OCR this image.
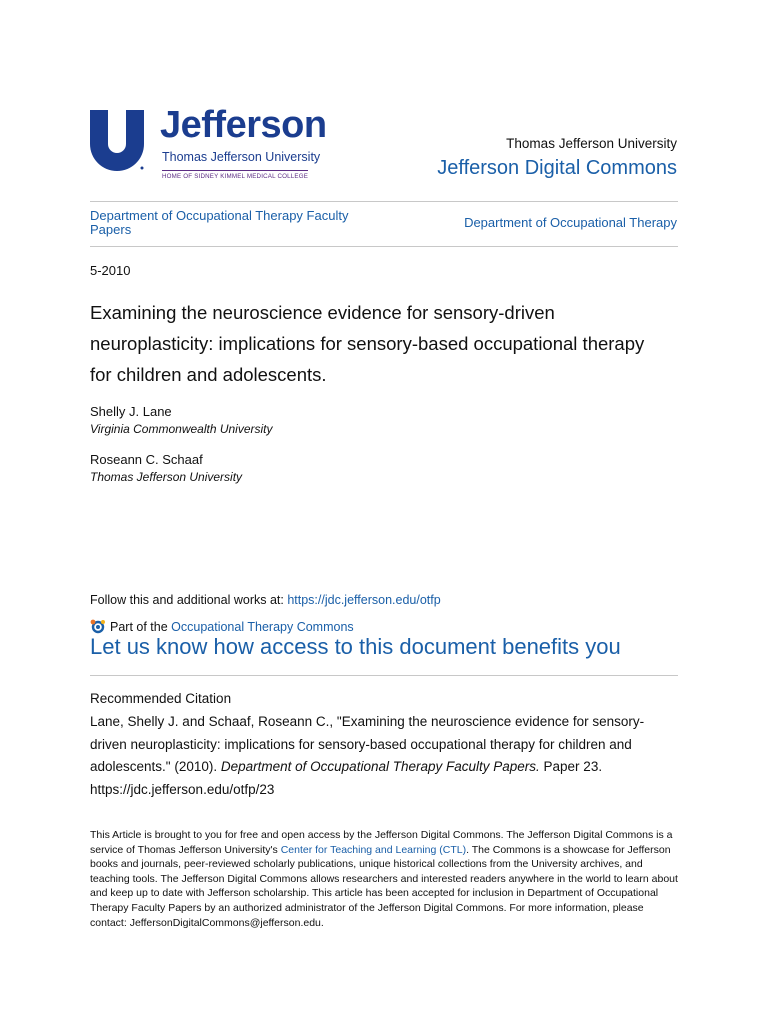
Jefferson
Thomas Jefferson University
HOME OF SIDNEY KIMMEL MEDICAL COLLEGE
Thomas Jefferson University
Jefferson Digital Commons
Department of Occupational Therapy Faculty Papers	Department of Occupational Therapy
5-2010
Examining the neuroscience evidence for sensory-driven neuroplasticity: implications for sensory-based occupational therapy for children and adolescents.
Shelly J. Lane
Virginia Commonwealth University
Roseann C. Schaaf
Thomas Jefferson University
Follow this and additional works at: https://jdc.jefferson.edu/otfp
Part of the Occupational Therapy Commons
Let us know how access to this document benefits you
Recommended Citation
Lane, Shelly J. and Schaaf, Roseann C., "Examining the neuroscience evidence for sensory-driven neuroplasticity: implications for sensory-based occupational therapy for children and adolescents." (2010). Department of Occupational Therapy Faculty Papers. Paper 23.
https://jdc.jefferson.edu/otfp/23
This Article is brought to you for free and open access by the Jefferson Digital Commons. The Jefferson Digital Commons is a service of Thomas Jefferson University's Center for Teaching and Learning (CTL). The Commons is a showcase for Jefferson books and journals, peer-reviewed scholarly publications, unique historical collections from the University archives, and teaching tools. The Jefferson Digital Commons allows researchers and interested readers anywhere in the world to learn about and keep up to date with Jefferson scholarship. This article has been accepted for inclusion in Department of Occupational Therapy Faculty Papers by an authorized administrator of the Jefferson Digital Commons. For more information, please contact: JeffersonDigitalCommons@jefferson.edu.
